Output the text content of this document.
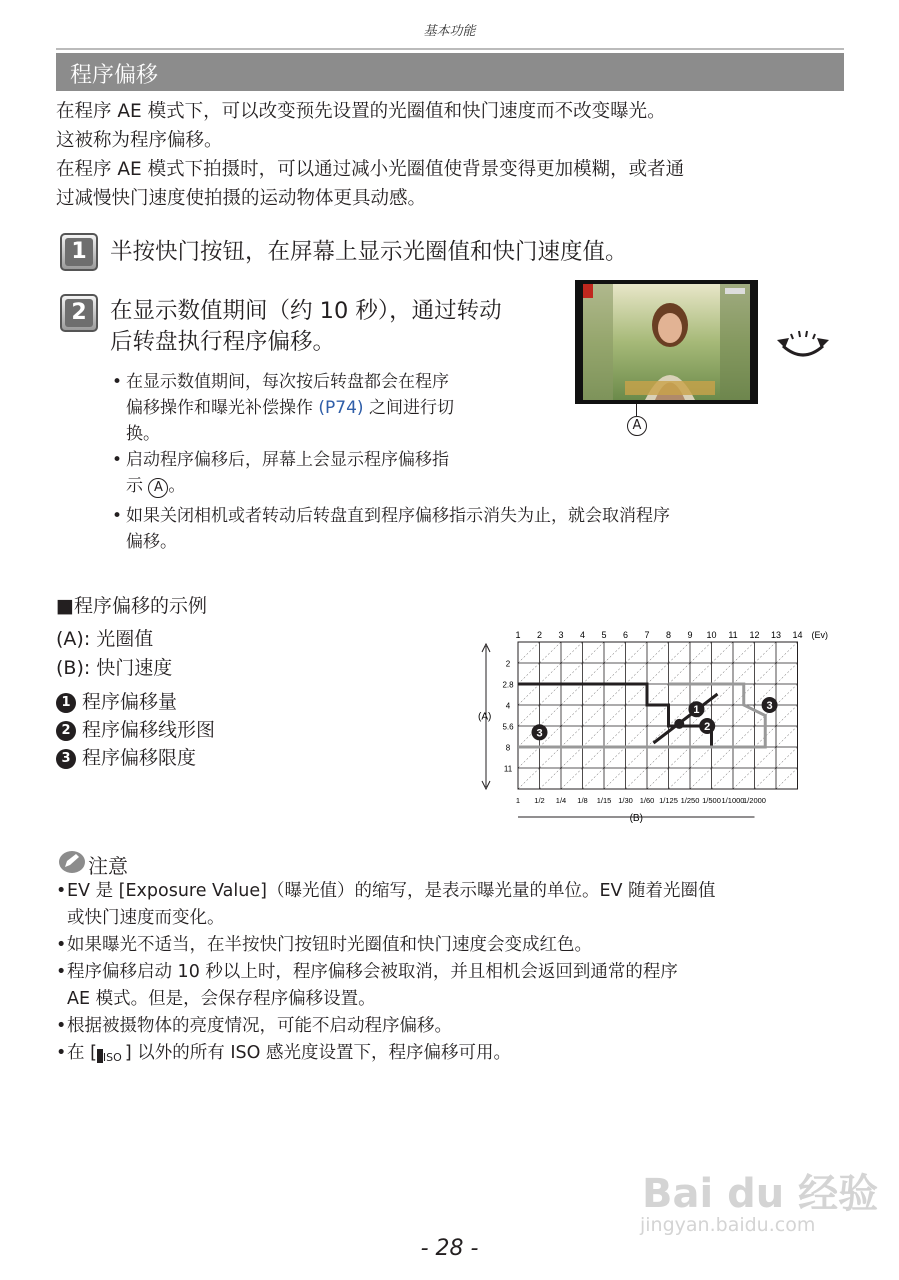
基本功能
程序偏移
在程序 AE 模式下，可以改变预先设置的光圈值和快门速度而不改变曝光。
这被称为程序偏移。
在程序 AE 模式下拍摄时，可以通过减小光圈值使背景变得更加模糊，或者通
过减慢快门速度使拍摄的运动物体更具动感。
1 半按快门按钮，在屏幕上显示光圈值和快门速度值。
2 在显示数值期间（约 10 秒），通过转动
后转盘执行程序偏移。
• 在显示数值期间，每次按后转盘都会在程序
偏移操作和曝光补偿操作 (P74) 之间进行切
换。
• 启动程序偏移后，屏幕上会显示程序偏移指
示 A 。
• 如果关闭相机或者转动后转盘直到程序偏移指示消失为止，就会取消程序
偏移。
A
■程序偏移的示例
(A): 光圈值
(B): 快门速度
1 程序偏移量
2 程序偏移线形图
3 程序偏移限度
1 2 3 4 5 6 7 8 9 10 11 12 13 14 (Ev)
2
2.8
4
5.6
8
11
(A)
1 1/2 1/4 1/8 1/15 1/30 1/60 1/125 1/250 1/500 1/1000
1/2000
(B)
1
2
3
3
注意
• EV 是 [Exposure Value]（曝光值）的缩写，是表示曝光量的单位。EV 随着光圈值
或快门速度而变化。
• 如果曝光不适当，在半按快门按钮时光圈值和快门速度会变成红色。
• 程序偏移启动 10 秒以上时，程序偏移会被取消，并且相机会返回到通常的程序
AE 模式。但是，会保存程序偏移设置。
• 根据被摄物体的亮度情况，可能不启动程序偏移。
• 在 [ ISO ] 以外的所有 ISO 感光度设置下，程序偏移可用。
Bai du 经验
jingyan.baidu.com
- 28 -
